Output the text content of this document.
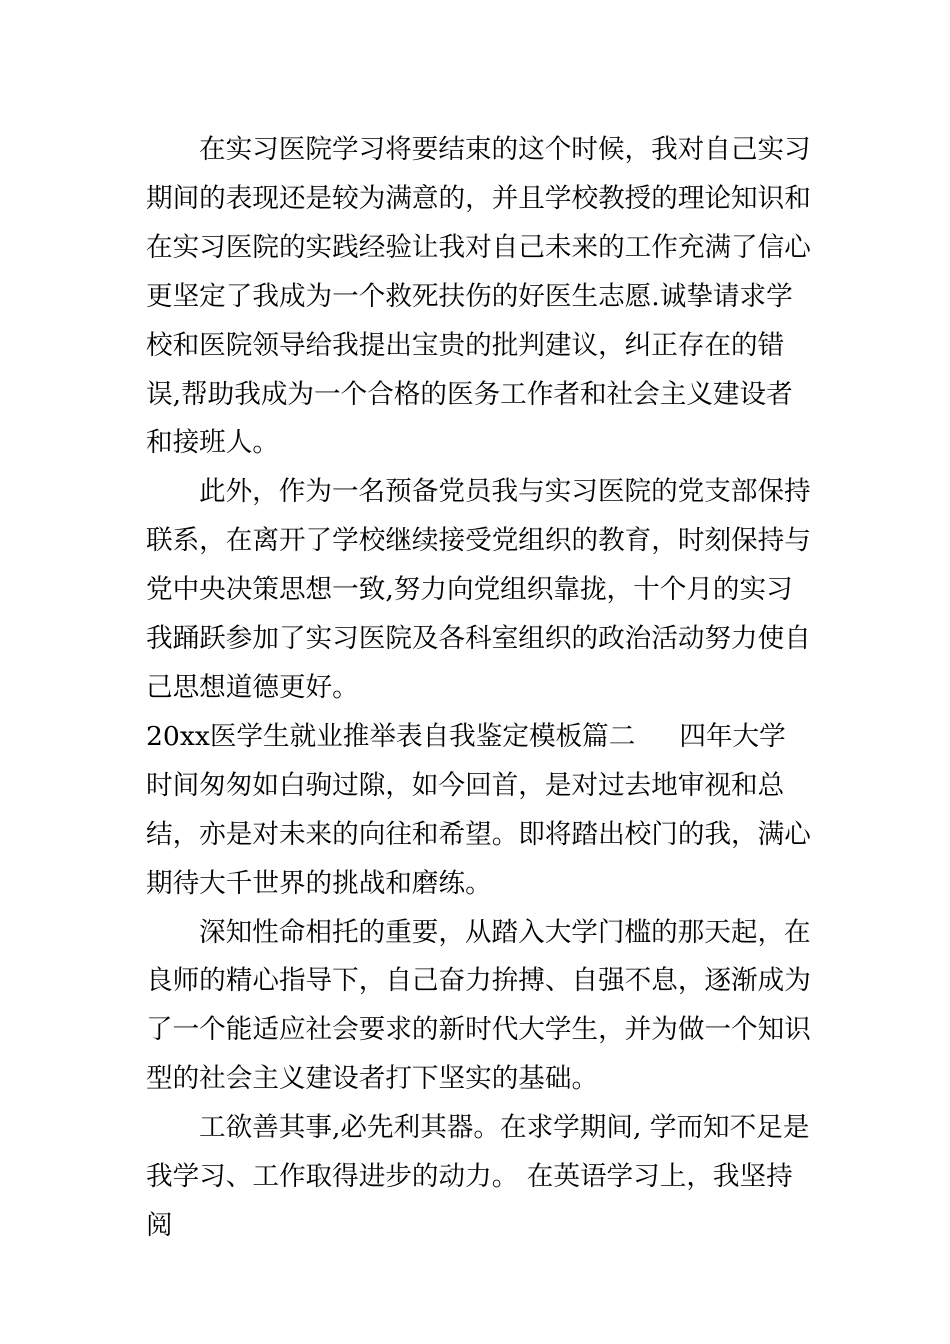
在实习医院学习将要结束的这个时候，我对自己实习期间的表现还是较为满意的，并且学校教授的理论知识和在实习医院的实践经验让我对自己未来的工作充满了信心更坚定了我成为一个救死扶伤的好医生志愿.诚挚请求学校和医院领导给我提出宝贵的批判建议，纠正存在的错误,帮助我成为一个合格的医务工作者和社会主义建设者和接班人。

此外，作为一名预备党员我与实习医院的党支部保持联系，在离开了学校继续接受党组织的教育，时刻保持与党中央决策思想一致,努力向党组织靠拢，十个月的实习我踊跃参加了实习医院及各科室组织的政治活动努力使自己思想道德更好。

20xx医学生就业推举表自我鉴定模板篇二 四年大学时间匆匆如白驹过隙，如今回首，是对过去地审视和总结，亦是对未来的向往和希望。即将踏出校门的我，满心期待大千世界的挑战和磨练。

深知性命相托的重要，从踏入大学门槛的那天起，在良师的精心指导下，自己奋力拚搏、自强不息，逐渐成为了一个能适应社会要求的新时代大学生，并为做一个知识型的社会主义建设者打下坚实的基础。

工欲善其事,必先利其器。在求学期间, 学而知不足是我学习、工作取得进步的动力。 在英语学习上，我坚持阅
